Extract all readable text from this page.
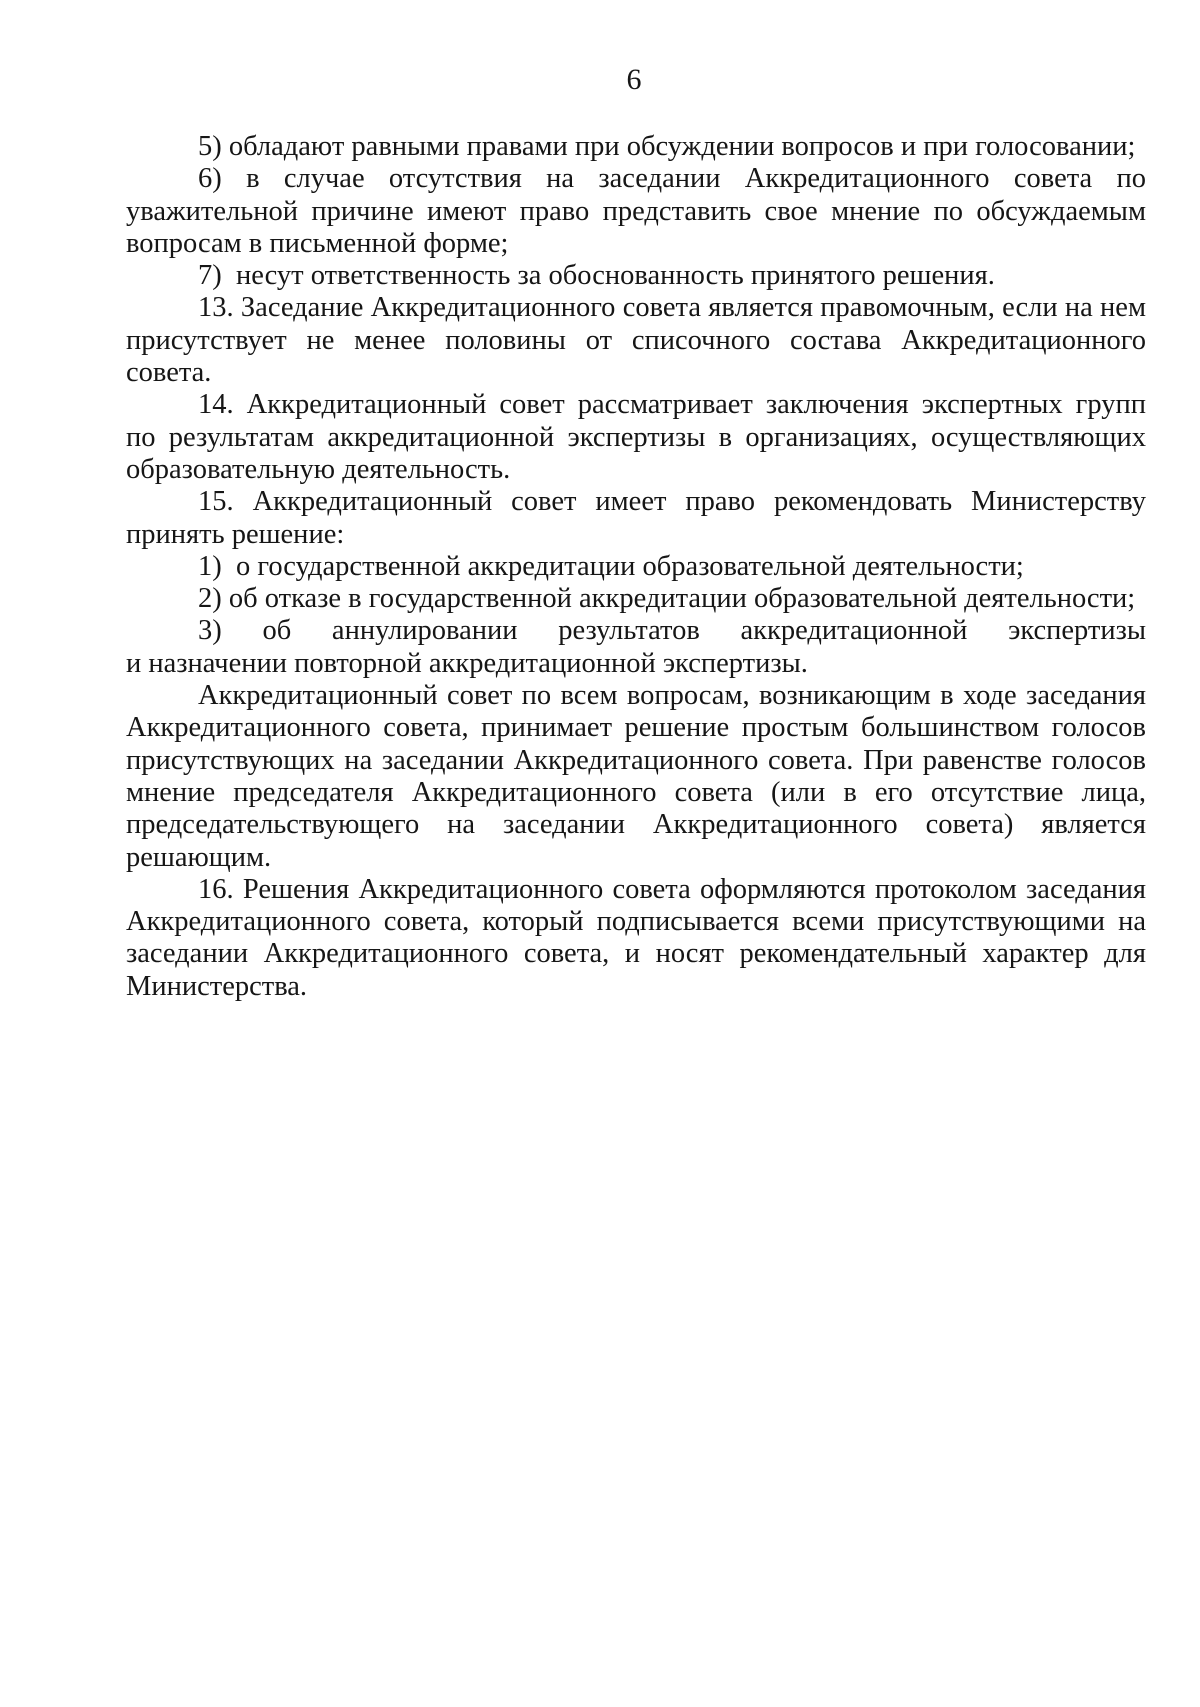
6

5) обладают равными правами при обсуждении вопросов и при голосовании;

6) в случае отсутствия на заседании Аккредитационного совета по уважительной причине имеют право представить свое мнение по обсуждаемым вопросам в письменной форме;

7)  несут ответственность за обоснованность принятого решения.

13. Заседание Аккредитационного совета является правомочным, если на нем присутствует не менее половины от списочного состава Аккредитационного совета.

14. Аккредитационный совет рассматривает заключения экспертных групп по результатам аккредитационной экспертизы в организациях, осуществляющих образовательную деятельность.

15. Аккредитационный совет имеет право рекомендовать Министерству принять решение:

1)  о государственной аккредитации образовательной деятельности;

2) об отказе в государственной аккредитации образовательной деятельности;

3) об аннулировании результатов аккредитационной экспертизы и назначении повторной аккредитационной экспертизы.

Аккредитационный совет по всем вопросам, возникающим в ходе заседания Аккредитационного совета, принимает решение простым большинством голосов присутствующих на заседании Аккредитационного совета. При равенстве голосов мнение председателя Аккредитационного совета (или в его отсутствие лица, председательствующего на заседании Аккредитационного совета) является решающим.

16. Решения Аккредитационного совета оформляются протоколом заседания Аккредитационного совета, который подписывается всеми присутствующими на заседании Аккредитационного совета, и носят рекомендательный характер для Министерства.
